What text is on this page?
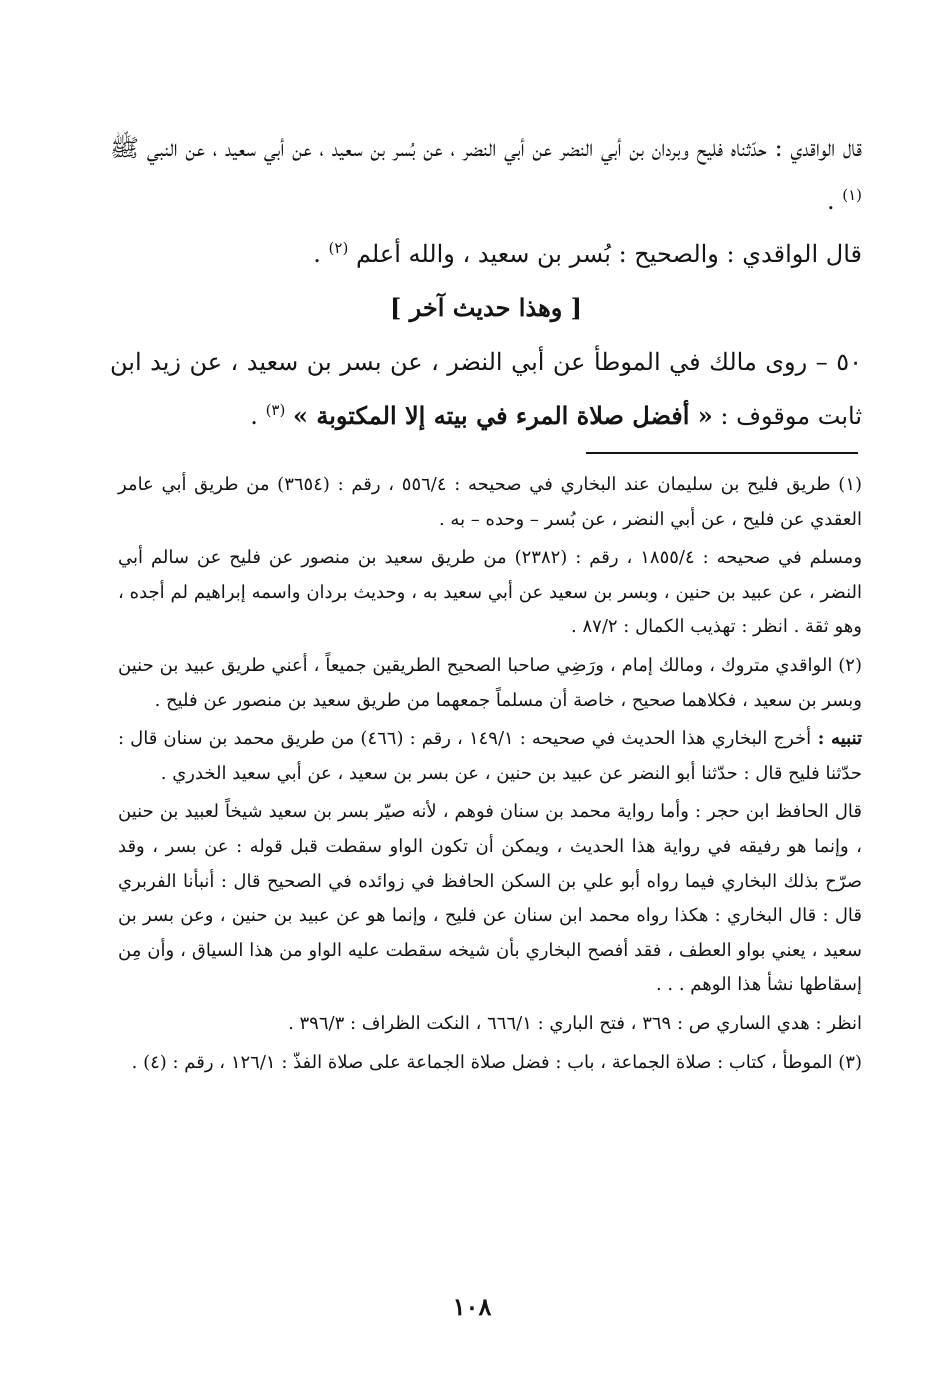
قال الواقدي : حدّثناه فليح وبردان بن أبي النضر عن أبي النضر ، عن بُسر بن سعيد ، عن أبي سعيد ، عن النبي ﷺ $^{(١)}$ .

قال الواقدي : والصحيح : بُسر بن سعيد ، والله أعلم $^{(٢)}$ .

[ وهذا حديث آخر ]

٥٠ – روى مالك في الموطأ عن أبي النضر ، عن بسر بن سعيد ، عن زيد ابن ثابت موقوف : « أفضل صلاة المرء في بيته إلا المكتوبة » $^{(٣)}$ .

(١) طريق فليح بن سليمان عند البخاري في صحيحه : ٥٥٦/٤ ، رقم : (٣٦٥٤) من طريق أبي عامر العقدي عن فليح ، عن أبي النضر ، عن بُسر – وحده – به .

ومسلم في صحيحه : ١٨٥٥/٤ ، رقم : (٢٣٨٢) من طريق سعيد بن منصور عن فليح عن سالم أبي النضر ، عن عبيد بن حنين ، وبسر بن سعيد عن أبي سعيد به ، وحديث بردان واسمه إبراهيم لم أجده ، وهو ثقة . انظر : تهذيب الكمال : ٨٧/٢ .

(٢) الواقدي متروك ، ومالك إمام ، ورَضِي صاحبا الصحيح الطريقين جميعاً ، أعني طريق عبيد بن حنين وبسر بن سعيد ، فكلاهما صحيح ، خاصة أن مسلماً جمعهما من طريق سعيد بن منصور عن فليح .

تنبيه : أخرج البخاري هذا الحديث في صحيحه : ١٤٩/١ ، رقم : (٤٦٦) من طريق محمد بن سنان قال : حدّثنا فليح قال : حدّثنا أبو النضر عن عبيد بن حنين ، عن بسر بن سعيد ، عن أبي سعيد الخدري .

قال الحافظ ابن حجر : وأما رواية محمد بن سنان فوهم ، لأنه صيّر بسر بن سعيد شيخاً لعبيد بن حنين ، وإنما هو رفيقه في رواية هذا الحديث ، ويمكن أن تكون الواو سقطت قبل قوله : عن بسر ، وقد صرّح بذلك البخاري فيما رواه أبو علي بن السكن الحافظ في زوائده في الصحيح قال : أنبأنا الفربري قال : قال البخاري : هكذا رواه محمد ابن سنان عن فليح ، وإنما هو عن عبيد بن حنين ، وعن بسر بن سعيد ، يعني بواو العطف ، فقد أفصح البخاري بأن شيخه سقطت عليه الواو من هذا السياق ، وأن مِن إسقاطها نشأ هذا الوهم . . .

انظر : هدي الساري ص : ٣٦٩ ، فتح الباري : ٦٦٦/١ ، النكت الظراف : ٣٩٦/٣ .

(٣) الموطأ ، كتاب : صلاة الجماعة ، باب : فضل صلاة الجماعة على صلاة الفذّ : ١٢٦/١ ، رقم : (٤) .

١٠٨
